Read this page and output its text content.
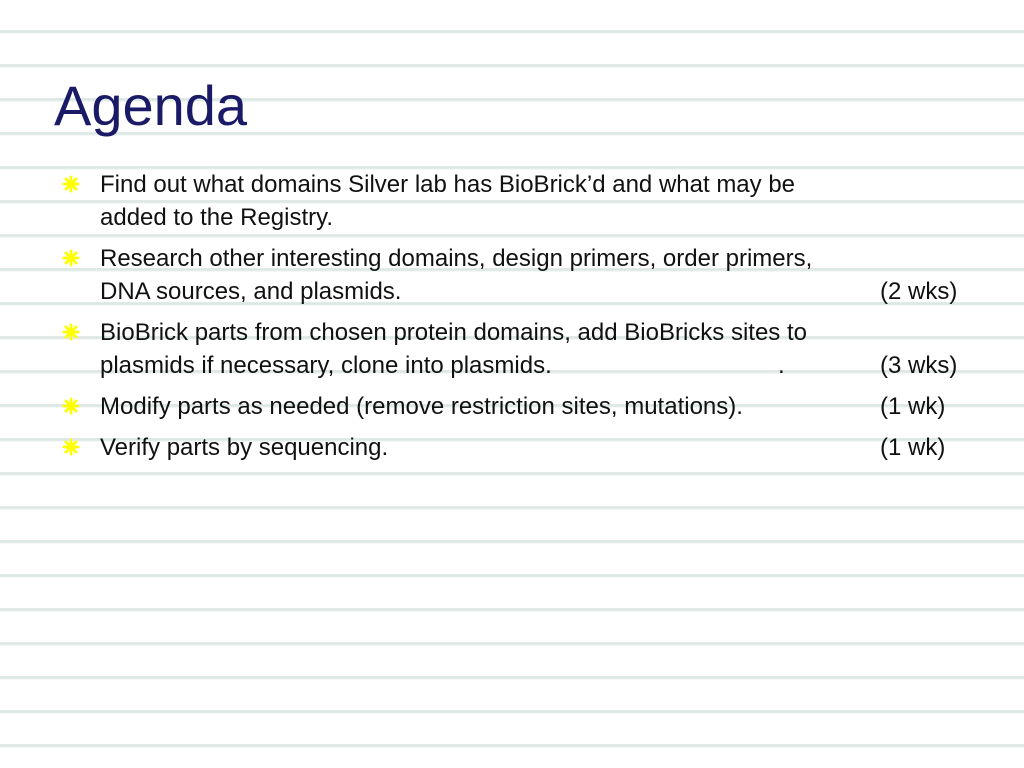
Agenda
Find out what domains Silver lab has BioBrick’d and what may be
added to the Registry.
Research other interesting domains, design primers, order primers,
DNA sources, and plasmids.	(2 wks)
BioBrick parts from chosen protein domains, add BioBricks sites to
plasmids if necessary, clone into plasmids.	.	(3 wks)
Modify parts as needed (remove restriction sites, mutations).	(1 wk)
Verify parts by sequencing.	(1 wk)
